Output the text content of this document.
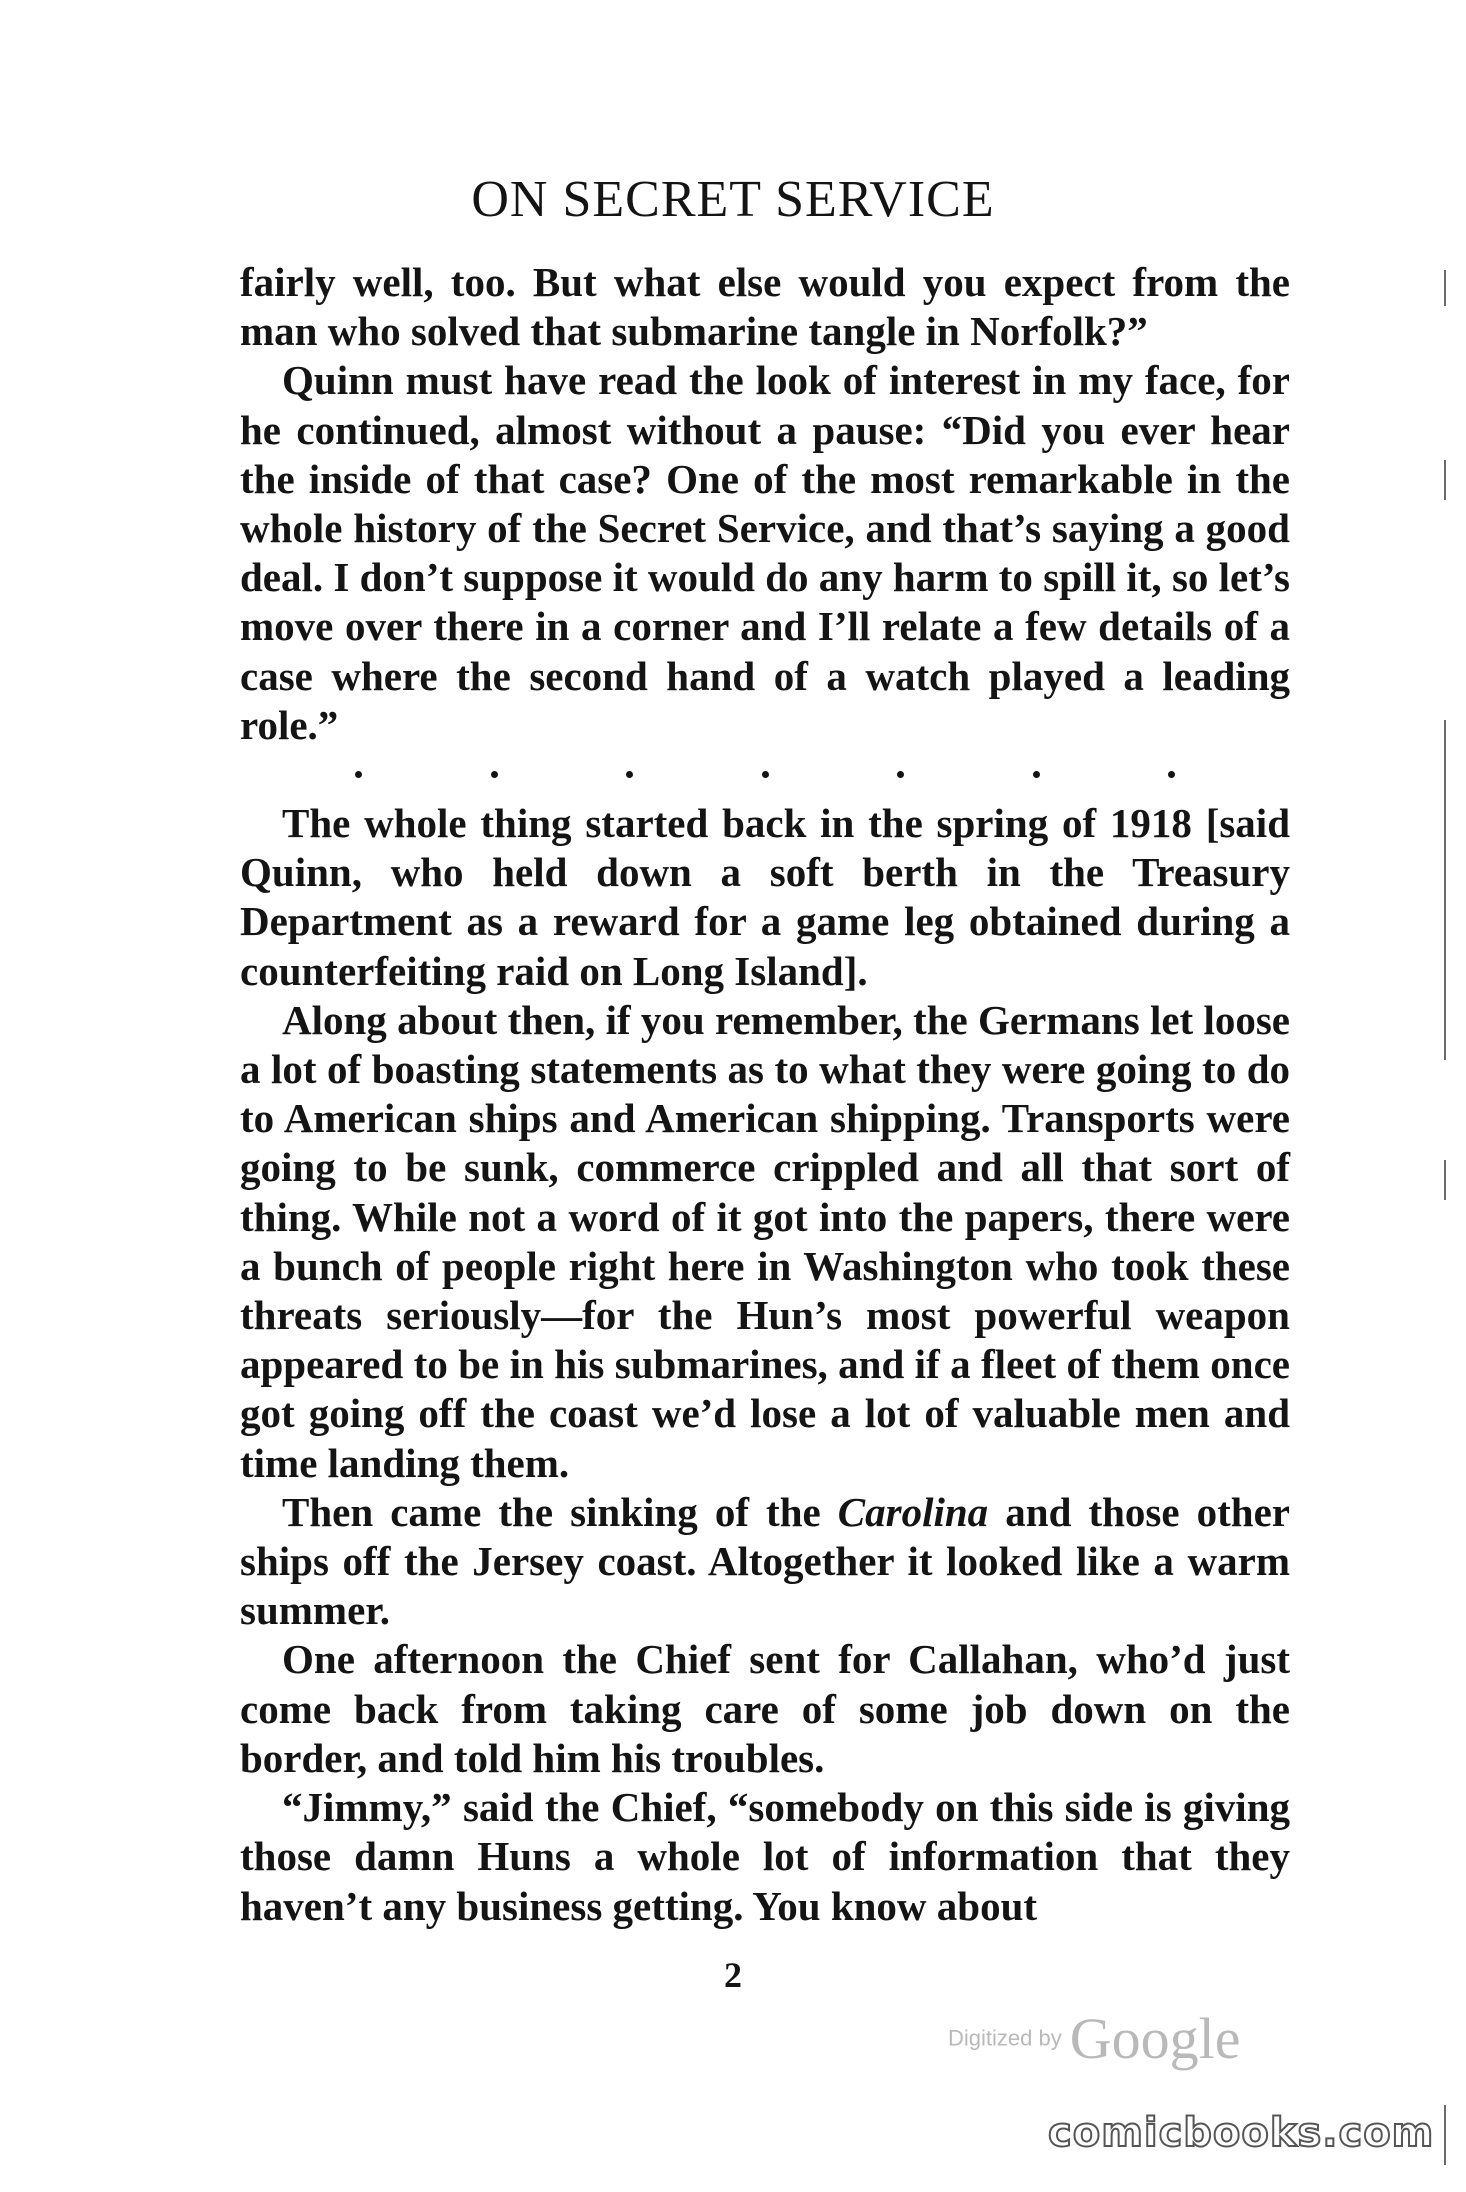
ON SECRET SERVICE

fairly well, too. But what else would you expect from the man who solved that submarine tangle in Norfolk?”

Quinn must have read the look of interest in my face, for he continued, almost without a pause: “Did you ever hear the inside of that case? One of the most remarkable in the whole history of the Secret Service, and that’s saying a good deal. I don’t suppose it would do any harm to spill it, so let’s move over there in a corner and I’ll relate a few details of a case where the second hand of a watch played a leading role.”

The whole thing started back in the spring of 1918 [said Quinn, who held down a soft berth in the Treasury Department as a reward for a game leg obtained during a counterfeiting raid on Long Island].

Along about then, if you remember, the Germans let loose a lot of boasting statements as to what they were going to do to American ships and American shipping. Transports were going to be sunk, commerce crippled and all that sort of thing. While not a word of it got into the papers, there were a bunch of people right here in Washington who took these threats seriously—for the Hun’s most powerful weapon appeared to be in his submarines, and if a fleet of them once got going off the coast we’d lose a lot of valuable men and time landing them.

Then came the sinking of the Carolina and those other ships off the Jersey coast. Altogether it looked like a warm summer.

One afternoon the Chief sent for Callahan, who’d just come back from taking care of some job down on the border, and told him his troubles.

“Jimmy,” said the Chief, “somebody on this side is giving those damn Huns a whole lot of information that they haven’t any business getting. You know about

2
Digitized by Google
comicbooks.com
